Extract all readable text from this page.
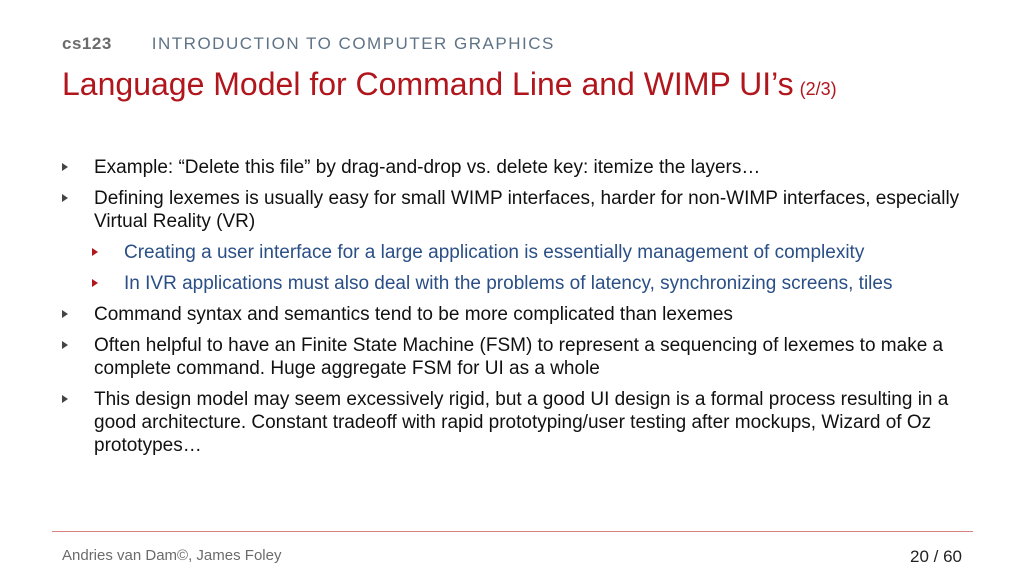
cs123 INTRODUCTION TO COMPUTER GRAPHICS
Language Model for Command Line and WIMP UI’s (2/3)
Example: “Delete this file” by drag-and-drop vs. delete key: itemize the layers…
Defining lexemes is usually easy for small WIMP interfaces, harder for non-WIMP interfaces, especially Virtual Reality (VR)
Creating a user interface for a large application is essentially management of complexity
In IVR applications must also deal with the problems of latency, synchronizing screens, tiles
Command syntax and semantics tend to be more complicated than lexemes
Often helpful to have an Finite State Machine (FSM) to represent a sequencing of lexemes to make a complete command. Huge aggregate FSM for UI as a whole
This design model may seem excessively rigid, but a good UI design is a formal process resulting in a good architecture. Constant tradeoff with rapid prototyping/user testing after mockups, Wizard of Oz prototypes…
Andries van Dam©, James Foley	20 / 60
